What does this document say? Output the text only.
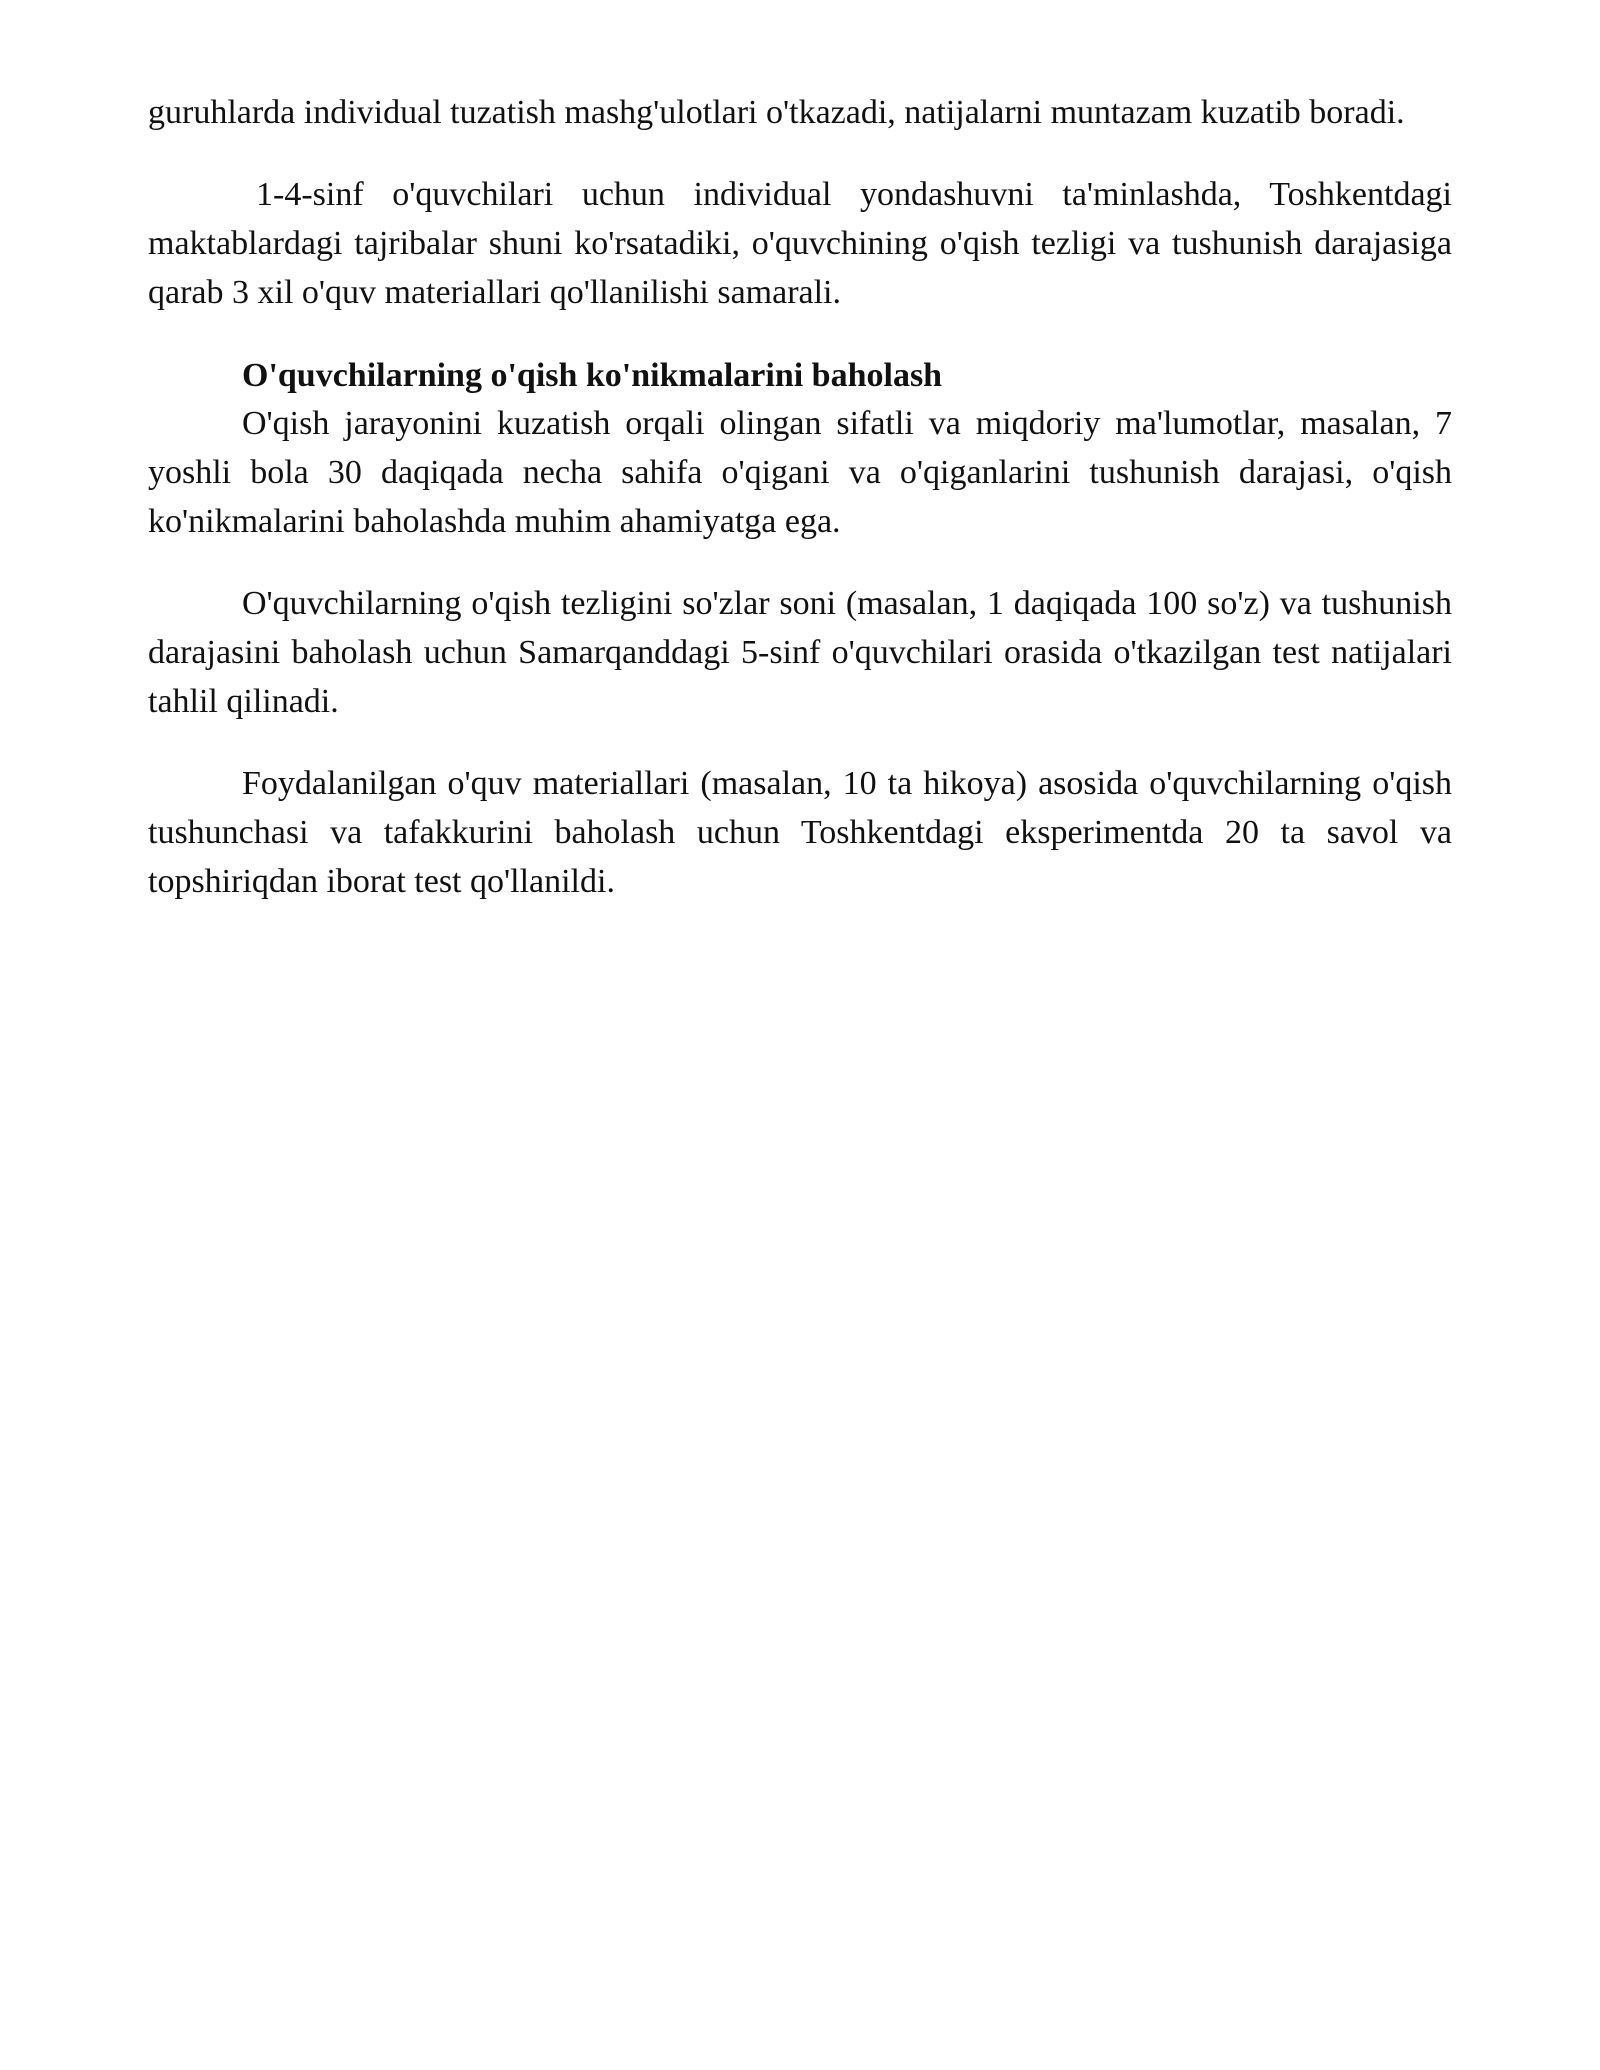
guruhlarda individual tuzatish mashg'ulotlari o'tkazadi, natijalarni muntazam kuzatib boradi.

1-4-sinf o'quvchilari uchun individual yondashuvni ta'minlashda, Toshkentdagi maktablardagi tajribalar shuni ko'rsatadiki, o'quvchining o'qish tezligi va tushunish darajasiga qarab 3 xil o'quv materiallari qo'llanilishi samarali.

O'quvchilarning o'qish ko'nikmalarini baholash

O'qish jarayonini kuzatish orqali olingan sifatli va miqdoriy ma'lumotlar, masalan, 7 yoshli bola 30 daqiqada necha sahifa o'qigani va o'qiganlarini tushunish darajasi, o'qish ko'nikmalarini baholashda muhim ahamiyatga ega.

O'quvchilarning o'qish tezligini so'zlar soni (masalan, 1 daqiqada 100 so'z) va tushunish darajasini baholash uchun Samarqanddagi 5-sinf o'quvchilari orasida o'tkazilgan test natijalari tahlil qilinadi.

Foydalanilgan o'quv materiallari (masalan, 10 ta hikoya) asosida o'quvchilarning o'qish tushunchasi va tafakkurini baholash uchun Toshkentdagi eksperimentda 20 ta savol va topshiriqdan iborat test qo'llanildi.
